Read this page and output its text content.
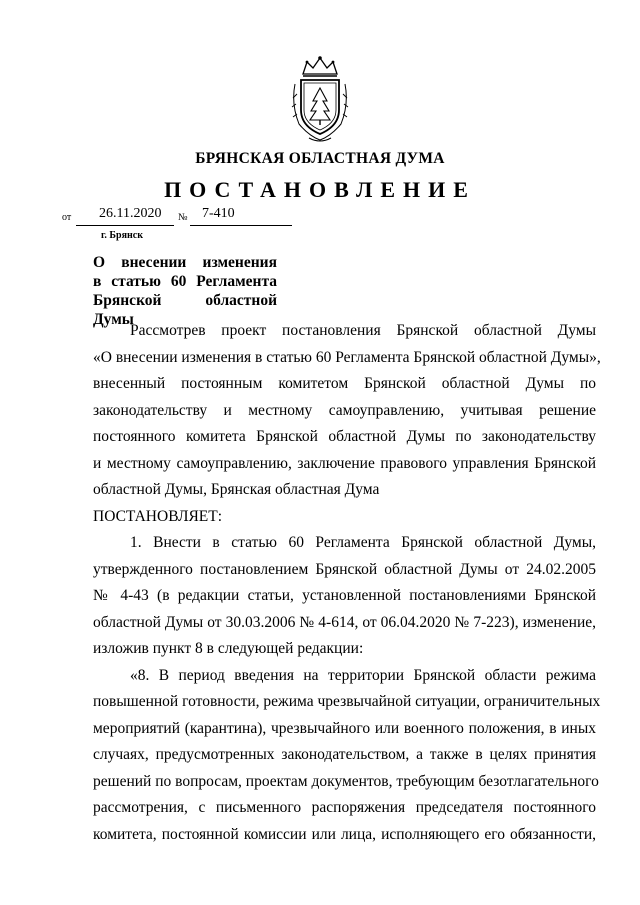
БРЯНСКАЯ ОБЛАСТНАЯ ДУМА
ПОСТАНОВЛЕНИЕ
от 26.11.2020 № 7-410
г. Брянск
О внесении изменения
в статью 60 Регламента
Брянской областной Думы
Рассмотрев проект постановления Брянской областной Думы
«О внесении изменения в статью 60 Регламента Брянской областной Думы»,
внесенный постоянным комитетом Брянской областной Думы по
законодательству и местному самоуправлению, учитывая решение
постоянного комитета Брянской областной Думы по законодательству
и местному самоуправлению, заключение правового управления Брянской
областной Думы, Брянская областная Дума
ПОСТАНОВЛЯЕТ:
1. Внести в статью 60 Регламента Брянской областной Думы,
утвержденного постановлением Брянской областной Думы от 24.02.2005
№ 4-43 (в редакции статьи, установленной постановлениями Брянской
областной Думы от 30.03.2006 № 4-614, от 06.04.2020 № 7-223), изменение,
изложив пункт 8 в следующей редакции:
«8. В период введения на территории Брянской области режима
повышенной готовности, режима чрезвычайной ситуации, ограничительных
мероприятий (карантина), чрезвычайного или военного положения, в иных
случаях, предусмотренных законодательством, а также в целях принятия
решений по вопросам, проектам документов, требующим безотлагательного
рассмотрения, с письменного распоряжения председателя постоянного
комитета, постоянной комиссии или лица, исполняющего его обязанности,
